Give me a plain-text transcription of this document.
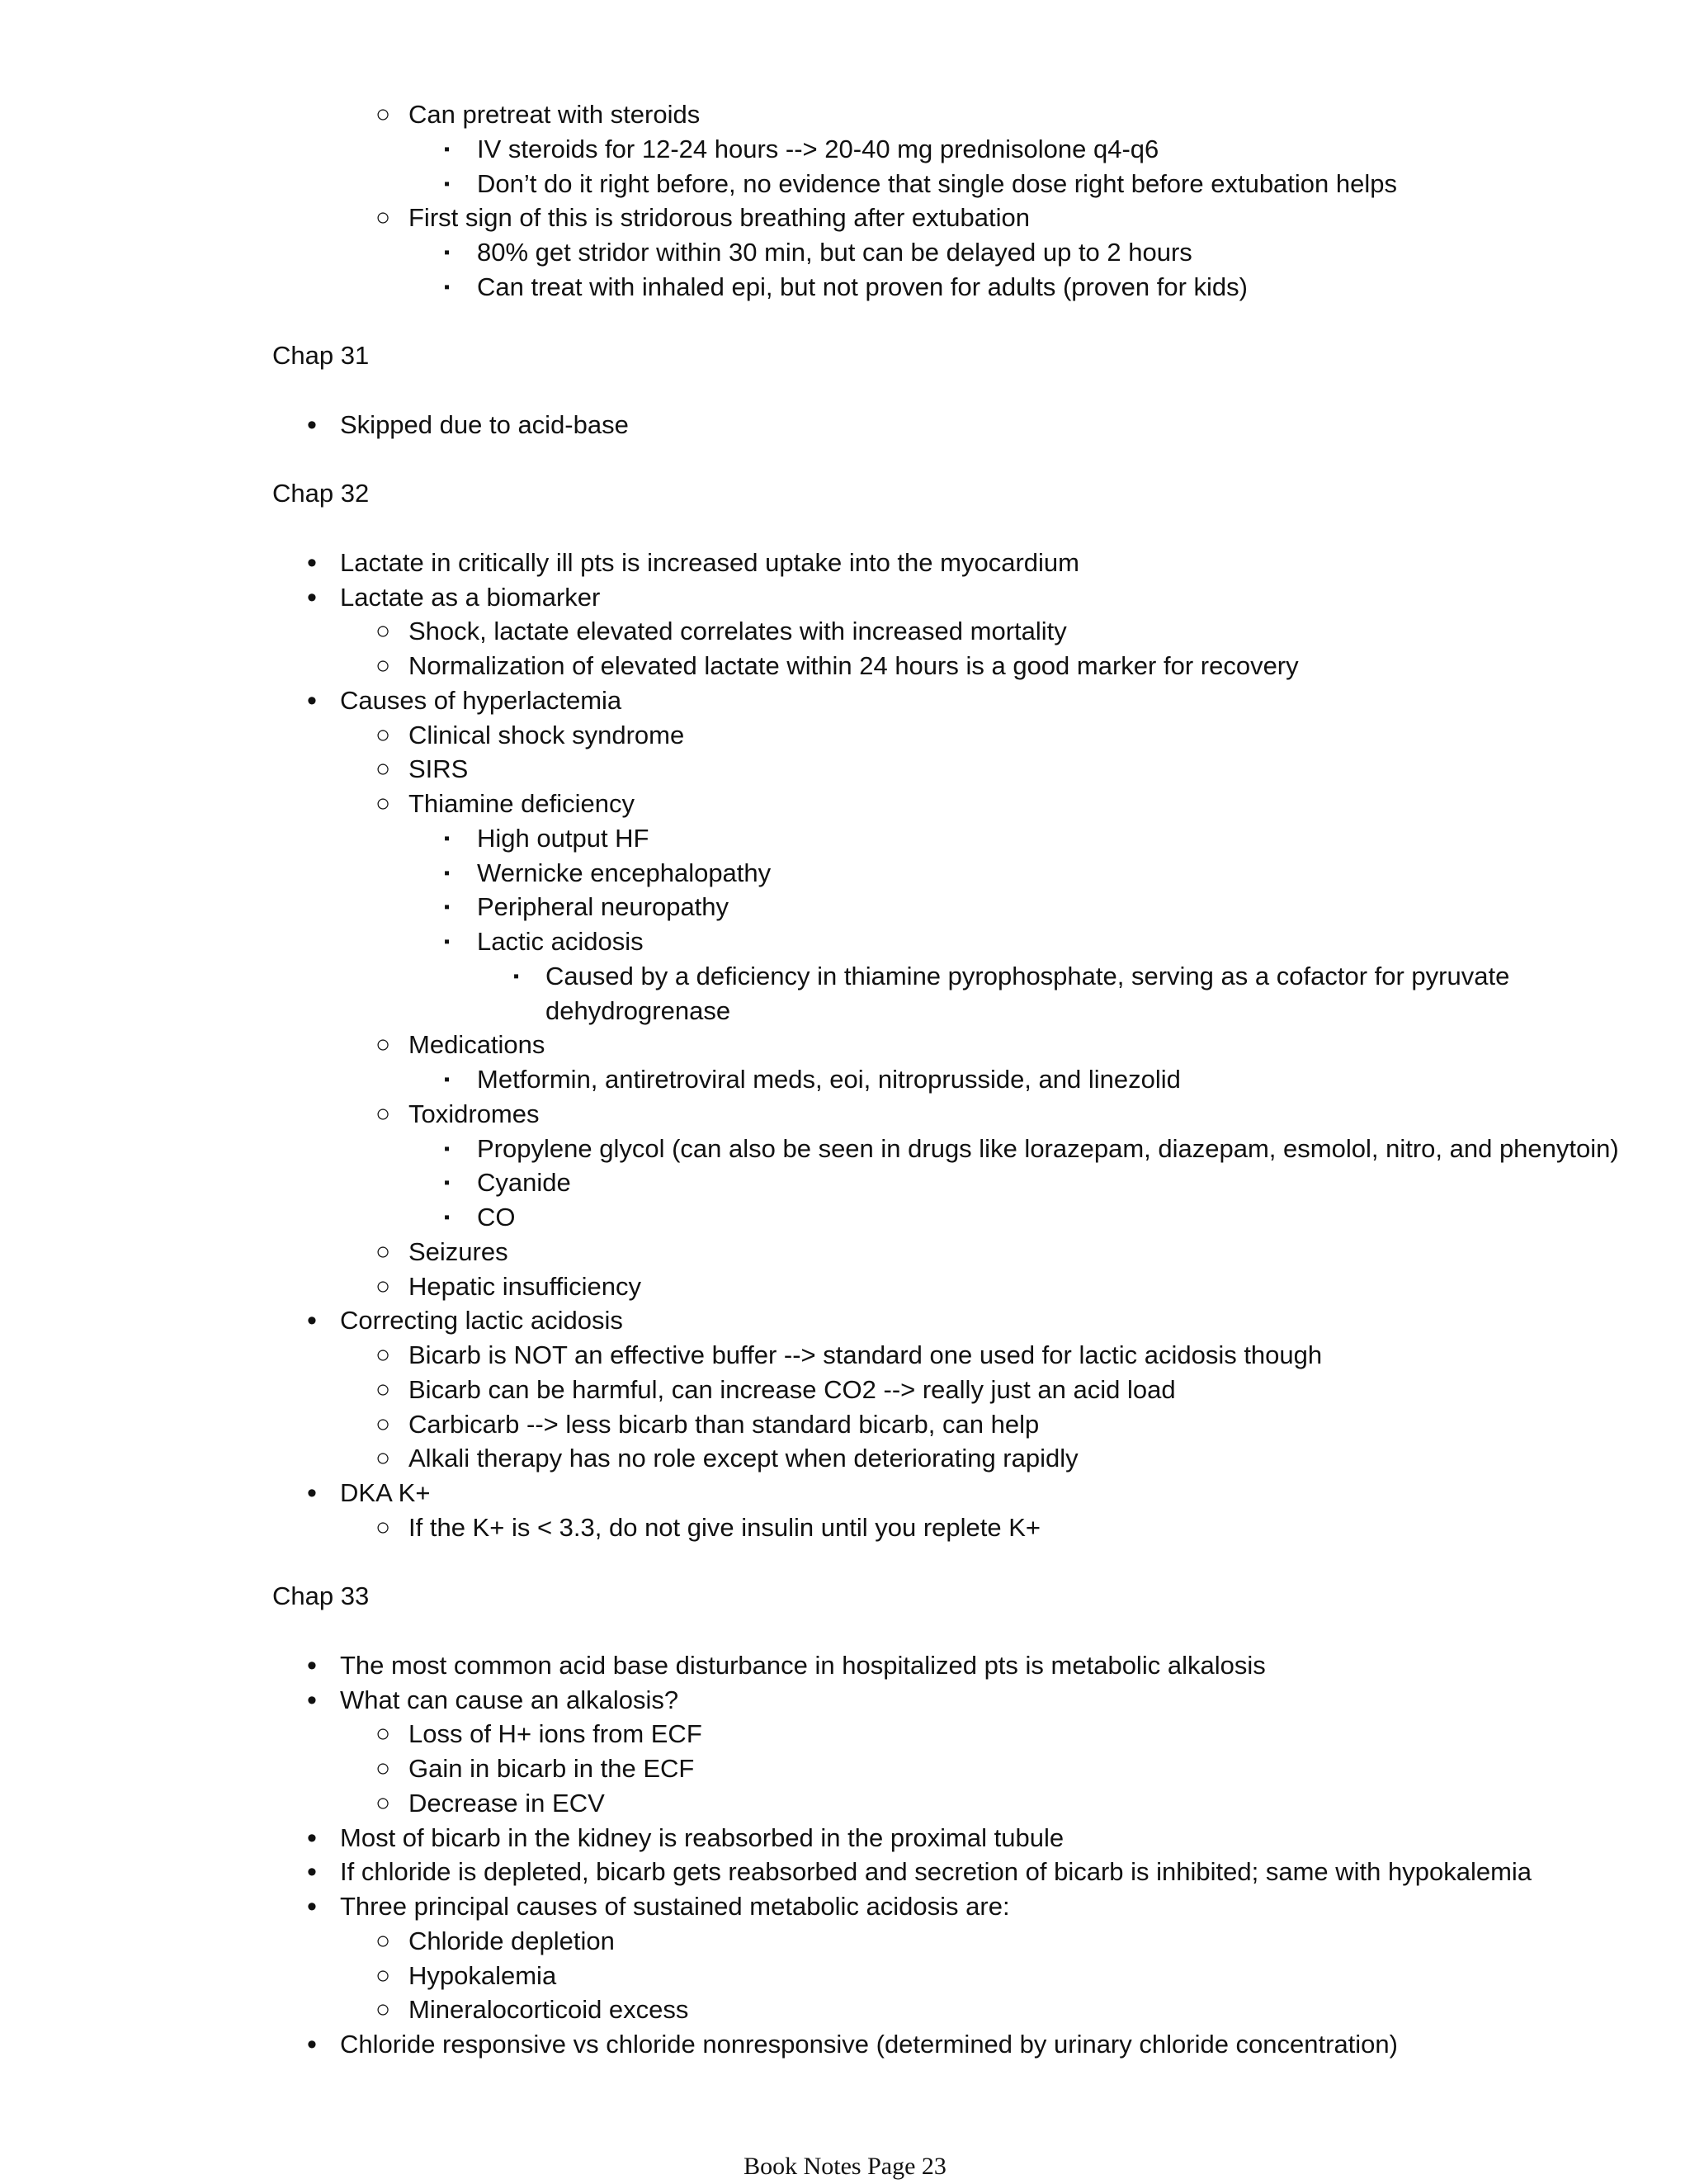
○ Can pretreat with steroids
▪ IV steroids for 12-24 hours --> 20-40 mg prednisolone q4-q6
▪ Don’t do it right before, no evidence that single dose right before extubation helps
○ First sign of this is stridorous breathing after extubation
▪ 80% get stridor within 30 min, but can be delayed up to 2 hours
▪ Can treat with inhaled epi, but not proven for adults (proven for kids)
Chap 31
• Skipped due to acid-base
Chap 32
• Lactate in critically ill pts is increased uptake into the myocardium
• Lactate as a biomarker
○ Shock, lactate elevated correlates with increased mortality
○ Normalization of elevated lactate within 24 hours is a good marker for recovery
• Causes of hyperlactemia
○ Clinical shock syndrome
○ SIRS
○ Thiamine deficiency
▪ High output HF
▪ Wernicke encephalopathy
▪ Peripheral neuropathy
▪ Lactic acidosis
▪ Caused by a deficiency in thiamine pyrophosphate, serving as a cofactor for pyruvate
dehydrogrenase
○ Medications
▪ Metformin, antiretroviral meds, eoi, nitroprusside, and linezolid
○ Toxidromes
▪ Propylene glycol (can also be seen in drugs like lorazepam, diazepam, esmolol, nitro, and phenytoin)
▪ Cyanide
▪ CO
○ Seizures
○ Hepatic insufficiency
• Correcting lactic acidosis
○ Bicarb is NOT an effective buffer --> standard one used for lactic acidosis though
○ Bicarb can be harmful, can increase CO2 --> really just an acid load
○ Carbicarb --> less bicarb than standard bicarb, can help
○ Alkali therapy has no role except when deteriorating rapidly
• DKA K+
○ If the K+ is < 3.3, do not give insulin until you replete K+
Chap 33
• The most common acid base disturbance in hospitalized pts is metabolic alkalosis
• What can cause an alkalosis?
○ Loss of H+ ions from ECF
○ Gain in bicarb in the ECF
○ Decrease in ECV
• Most of bicarb in the kidney is reabsorbed in the proximal tubule
• If chloride is depleted, bicarb gets reabsorbed and secretion of bicarb is inhibited; same with hypokalemia
• Three principal causes of sustained metabolic acidosis are:
○ Chloride depletion
○ Hypokalemia
○ Mineralocorticoid excess
• Chloride responsive vs chloride nonresponsive (determined by urinary chloride concentration)
Book Notes Page 23
